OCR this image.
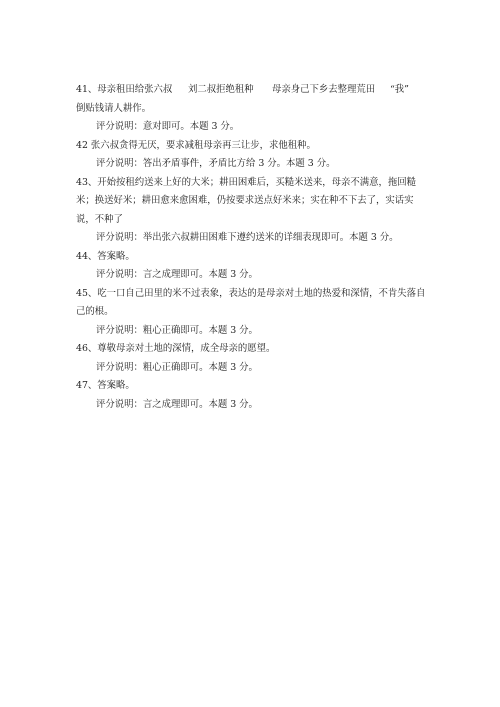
41、母亲租田给张六叔	刘二叔拒绝租种	母亲身己下乡去整理荒田	“我”
倒贴钱请人耕作。
评分说明：意对即可。本题 3 分。
42 张六叔贪得无厌，要求减租母亲再三让步，求他租种。
评分说明：答出矛盾事件，矛盾比方给 3 分。本题 3 分。
43、开始按租约送来上好的大米；耕田困难后，买糙米送来，母亲不满意，拖回糙米；换送好米；耕田愈来愈困难，仍按要求送点好米来；实在种不下去了，实话实说，不种了
评分说明：举出张六叔耕田困难下遵约送米的详细表现即可。本题 3 分。
44、答案略。
评分说明：言之成理即可。本题 3 分。
45、吃一口自己田里的米不过表象，表达的是母亲对土地的热爱和深情，不肯失落自己的根。
评分说明：粗心正确即可。本题 3 分。
46、尊敬母亲对土地的深情，成全母亲的愿望。
评分说明：粗心正确即可。本题 3 分。
47、答案略。
评分说明：言之成理即可。本题 3 分。
